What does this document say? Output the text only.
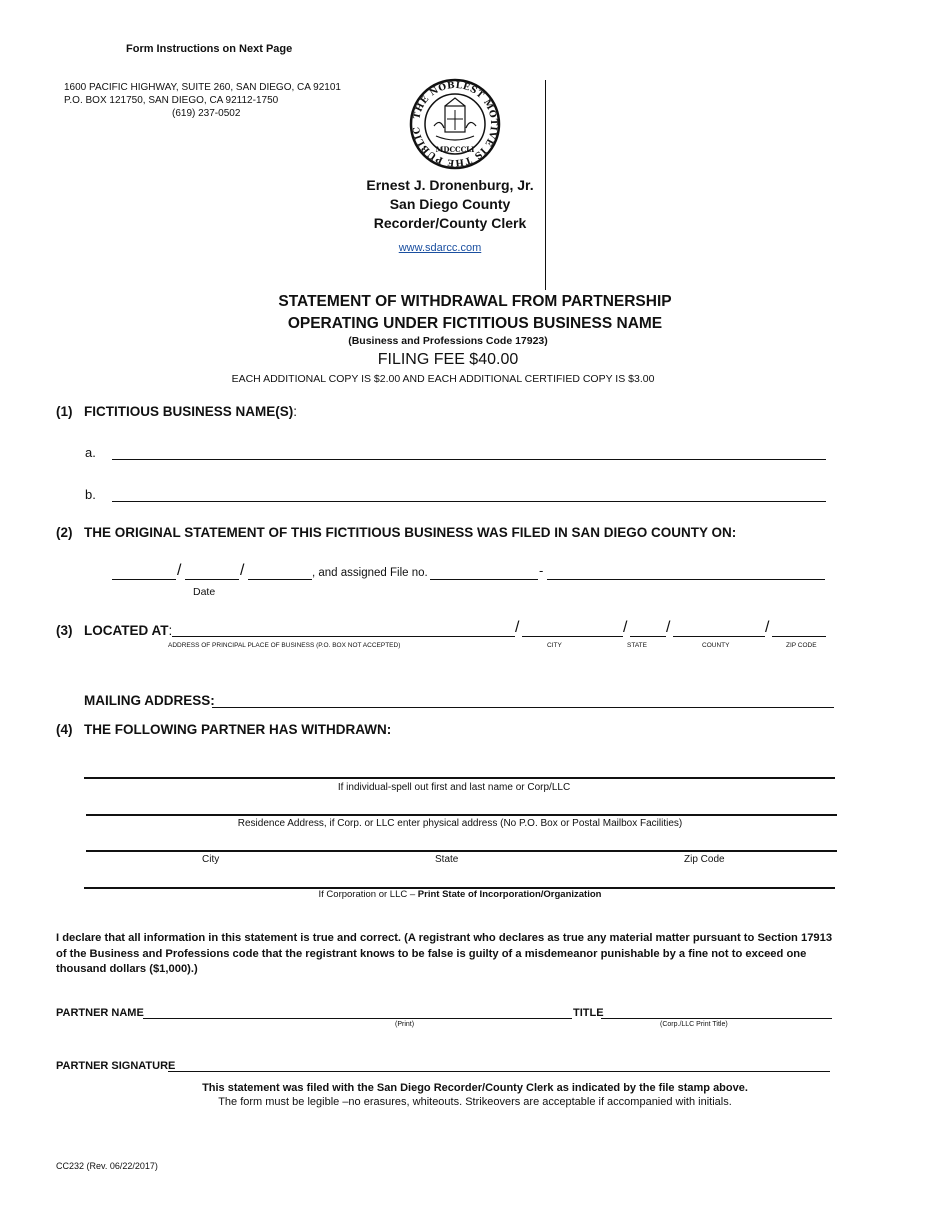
Form Instructions on Next Page
1600 PACIFIC HIGHWAY, SUITE 260, SAN DIEGO, CA 92101
P.O. BOX 121750, SAN DIEGO, CA 92112-1750
(619) 237-0502	THE NOBLEST MOTIVE IS THE PUBLIC
MDCCCLI
Ernest J. Dronenburg, Jr.
San Diego County
Recorder/County Clerk
www.sdarcc.com
STATEMENT OF WITHDRAWAL FROM PARTNERSHIP
OPERATING UNDER FICTITIOUS BUSINESS NAME
(Business and Professions Code 17923)
FILING FEE $40.00
EACH ADDITIONAL COPY IS $2.00 AND EACH ADDITIONAL CERTIFIED COPY IS $3.00
(1) FICTITIOUS BUSINESS NAME(S):
a.
b.
(2) THE ORIGINAL STATEMENT OF THIS FICTITIOUS BUSINESS WAS FILED IN SAN DIEGO COUNTY ON:
/	/	, and assigned File no.	-
Date
(3) LOCATED AT:	/	/ /	/
ADDRESS OF PRINCIPAL PLACE OF BUSINESS (P.O. BOX NOT ACCEPTED)	CITY	STATE	COUNTY	ZIP CODE
MAILING ADDRESS:
(4) THE FOLLOWING PARTNER HAS WITHDRAWN:
If individual-spell out first and last name or Corp/LLC
Residence Address, if Corp. or LLC enter physical address (No P.O. Box or Postal Mailbox Facilities)
City	State	Zip Code
If Corporation or LLC – Print State of Incorporation/Organization
I declare that all information in this statement is true and correct. (A registrant who declares as true any material matter pursuant to Section 17913 of the Business and Professions code that the registrant knows to be false is guilty of a misdemeanor punishable by a fine not to exceed one thousand dollars ($1,000).)
PARTNER NAME	TITLE
(Print)	(Corp./LLC Print Title)
PARTNER SIGNATURE
This statement was filed with the San Diego Recorder/County Clerk as indicated by the file stamp above.
The form must be legible –no erasures, whiteouts. Strikeovers are acceptable if accompanied with initials.
CC232 (Rev. 06/22/2017)
